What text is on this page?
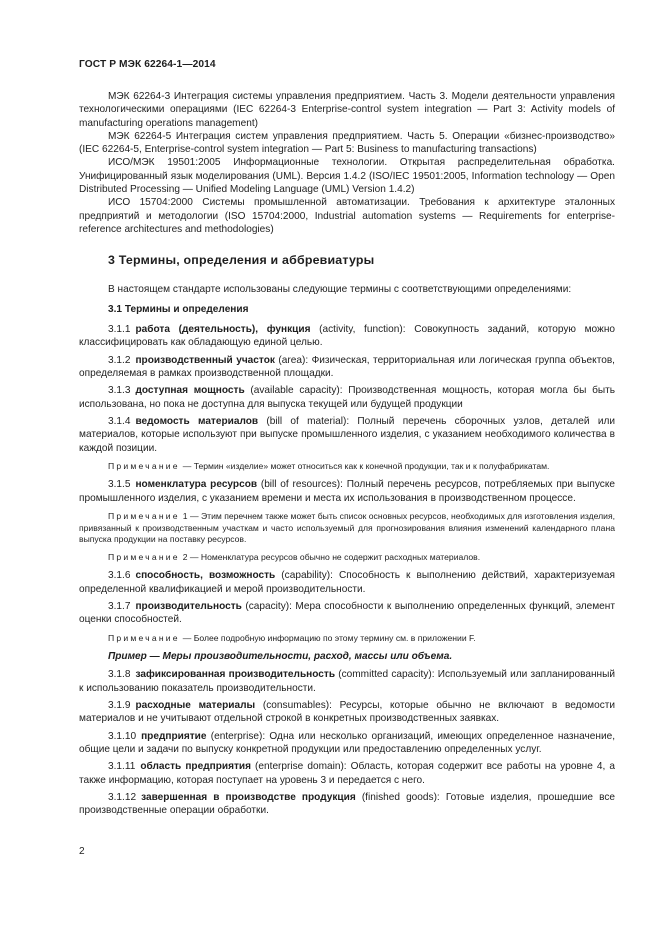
ГОСТ Р МЭК 62264-1—2014

МЭК 62264-3 Интеграция системы управления предприятием. Часть 3. Модели деятельности управления технологическими операциями (IEC 62264-3 Enterprise-control system integration — Part 3: Activity models of manufacturing operations management)

МЭК 62264-5 Интеграция систем управления предприятием. Часть 5. Операции «бизнес-производство» (IEC 62264-5, Enterprise-control system integration — Part 5: Business to manufacturing transactions)

ИСО/МЭК 19501:2005 Информационные технологии. Открытая распределительная обработка. Унифицированный язык моделирования (UML). Версия 1.4.2 (ISO/IEC 19501:2005, Information technology — Open Distributed Processing — Unified Modeling Language (UML) Version 1.4.2)

ИСО 15704:2000 Системы промышленной автоматизации. Требования к архитектуре эталонных предприятий и методологии (ISO 15704:2000, Industrial automation systems — Requirements for enterprise-reference architectures and methodologies)

3 Термины, определения и аббревиатуры

В настоящем стандарте использованы следующие термины с соответствующими определениями:

3.1 Термины и определения

3.1.1 работа (деятельность), функция (activity, function): Совокупность заданий, которую можно классифицировать как обладающую единой целью.

3.1.2 производственный участок (area): Физическая, территориальная или логическая группа объектов, определяемая в рамках производственной площадки.

3.1.3 доступная мощность (available capacity): Производственная мощность, которая могла бы быть использована, но пока не доступна для выпуска текущей или будущей продукции

3.1.4 ведомость материалов (bill of material): Полный перечень сборочных узлов, деталей или материалов, которые используют при выпуске промышленного изделия, с указанием необходимого количества в каждой позиции.

Примечание — Термин «изделие» может относиться как к конечной продукции, так и к полуфабрикатам.

3.1.5 номенклатура ресурсов (bill of resources): Полный перечень ресурсов, потребляемых при выпуске промышленного изделия, с указанием времени и места их использования в производственном процессе.

Примечание 1 — Этим перечнем также может быть список основных ресурсов, необходимых для изготовления изделия, привязанный к производственным участкам и часто используемый для прогнозирования влияния изменений календарного плана выпуска продукции на поставку ресурсов.

Примечание 2 — Номенклатура ресурсов обычно не содержит расходных материалов.

3.1.6 способность, возможность (capability): Способность к выполнению действий, характеризуемая определенной квалификацией и мерой производительности.

3.1.7 производительность (capacity): Мера способности к выполнению определенных функций, элемент оценки способностей.

Примечание — Более подробную информацию по этому термину см. в приложении F.

Пример — Меры производительности, расход, массы или объема.

3.1.8 зафиксированная производительность (committed capacity): Используемый или запланированный к использованию показатель производительности.

3.1.9 расходные материалы (consumables): Ресурсы, которые обычно не включают в ведомости материалов и не учитывают отдельной строкой в конкретных производственных заявках.

3.1.10 предприятие (enterprise): Одна или несколько организаций, имеющих определенное назначение, общие цели и задачи по выпуску конкретной продукции или предоставлению определенных услуг.

3.1.11 область предприятия (enterprise domain): Область, которая содержит все работы на уровне 4, а также информацию, которая поступает на уровень 3 и передается с него.

3.1.12 завершенная в производстве продукция (finished goods): Готовые изделия, прошедшие все производственные операции обработки.

2
